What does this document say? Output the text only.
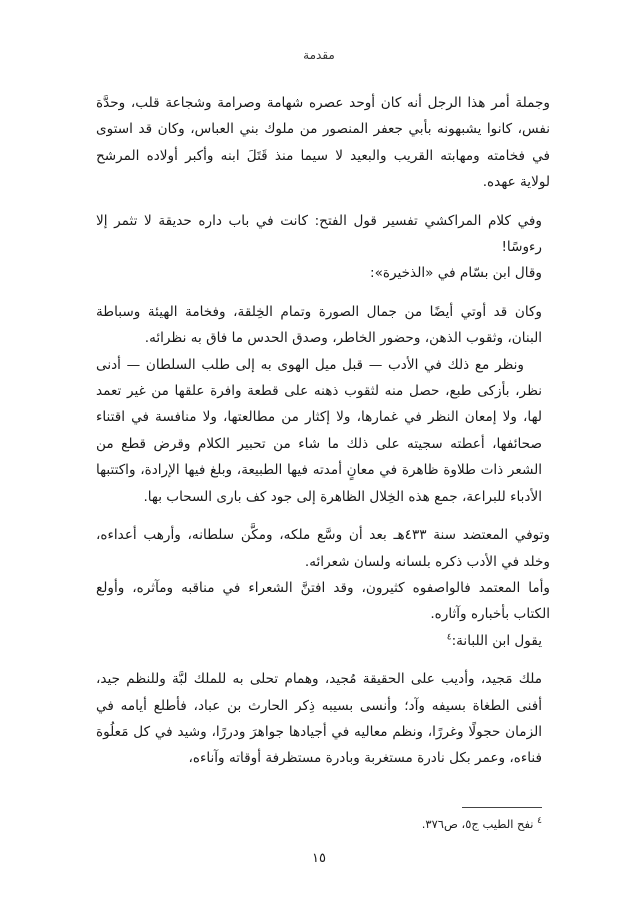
مقدمة

وجملة أمر هذا الرجل أنه كان أوحد عصره شهامة وصرامة وشجاعة قلب، وحدَّة نفس، كانوا يشبهونه بأبي جعفر المنصور من ملوك بني العباس، وكان قد استوى في فخامته ومهابته القريب والبعيد لا سيما منذ قَتَلَ ابنه وأكبر أولاده المرشح لولاية عهده.

وفي كلام المراكشي تفسير قول الفتح: كانت في باب داره حديقة لا تثمر إلا رءوسًا!

وقال ابن بسّام في «الذخيرة»:

وكان قد أوتي أيضًا من جمال الصورة وتمام الخِلقة، وفخامة الهيئة وسباطة البنان، وثقوب الذهن، وحضور الخاطر، وصدق الحدس ما فاق به نظرائه.

ونظر مع ذلك في الأدب — قبل ميل الهوى به إلى طلب السلطان — أدنى نظر، بأزكى طبع، حصل منه لثقوب ذهنه على قطعة وافرة علقها من غير تعمد لها، ولا إمعان النظر في غمارها، ولا إكثار من مطالعتها، ولا منافسة في اقتناء صحائفها، أعطته سجيته على ذلك ما شاء من تحبير الكلام وقرض قطع من الشعر ذات طلاوة ظاهرة في معانٍ أمدته فيها الطبيعة، وبلغ فيها الإرادة، واكتتبها الأدباء للبراعة، جمع هذه الخِلال الظاهرة إلى جود كف بارى السحاب بها.

وتوفي المعتضد سنة ٤٣٣هـ بعد أن وسَّع ملكه، ومكَّن سلطانه، وأرهب أعداءه، وخلد في الأدب ذكره بلسانه ولسان شعرائه.

وأما المعتمد فالواصفوه كثيرون، وقد افتنَّ الشعراء في مناقبه ومآثره، وأولع الكتاب بأخباره وآثاره.

يقول ابن اللبانة:$^٤$

ملك مَجيد، وأديب على الحقيقة مُجيد، وهمام تحلى به للملك لبَّة وللنظم جيد، أفنى الطغاة بسيفه وآد؛ وأنسى بسيبه ذِكر الحارث بن عباد، فأطلع أيامه في الزمان حجولًا وغررًا، ونظم معاليه في أجيادها جواهرَ ودررًا، وشيد في كل مَعلُوة فناءه، وعمر بكل نادرة مستغربة وبادرة مستظرفة أوقاته وآناءه،

$^٤$ نفح الطيب ج٥، ص٣٧٦.
١٥
